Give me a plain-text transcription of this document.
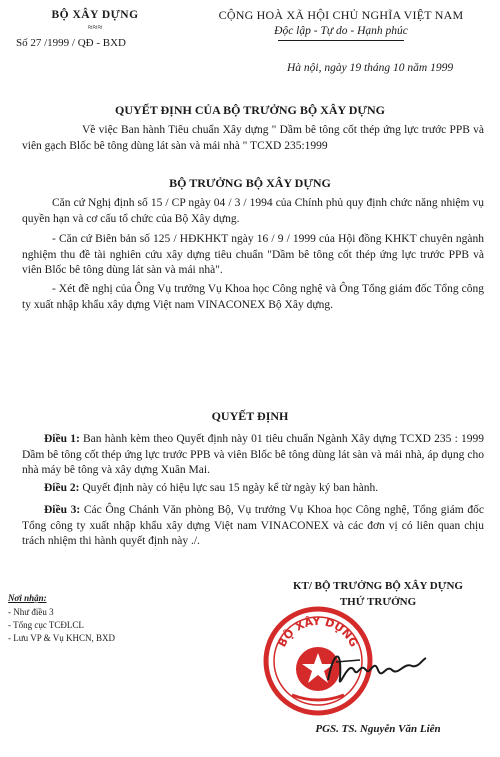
BỘ XÂY DỰNG
≈≈≈
Số 27 /1999 / QĐ - BXD
CỘNG HOÀ XÃ HỘI CHỦ NGHĨA VIỆT NAM
Độc lập - Tự do - Hạnh phúc
Hà nội, ngày 19 tháng 10 năm 1999
QUYẾT ĐỊNH CỦA BỘ TRƯỞNG BỘ XÂY DỰNG
Về việc Ban hành Tiêu chuẩn Xây dựng " Dầm bê tông cốt thép ứng lực trước PPB và viên gạch Blốc bê tông dùng lát sàn và mái nhà " TCXD 235:1999
BỘ TRƯỞNG BỘ XÂY DỰNG
Căn cứ Nghị định số 15 / CP ngày 04 / 3 / 1994 của Chính phủ quy định chức năng nhiệm vụ quyền hạn và cơ cấu tổ chức của Bộ Xây dựng.
- Căn cứ Biên bản số 125 / HĐKHKT ngày 16 / 9 / 1999 của Hội đồng KHKT chuyên ngành nghiệm thu đề tài nghiên cứu xây dựng tiêu chuẩn "Dầm bê tông cốt thép ứng lực trước PPB và viên Blốc bê tông dùng lát sàn và mái nhà".
- Xét đề nghị của Ông Vụ trưởng Vụ Khoa học Công nghệ và Ông Tổng giám đốc Tổng công ty xuất nhập khẩu xây dựng Việt nam VINACONEX Bộ Xây dựng.
QUYẾT ĐỊNH
Điều 1: Ban hành kèm theo Quyết định này 01 tiêu chuẩn Ngành Xây dựng TCXD 235 : 1999 Dầm bê tông cốt thép ứng lực trước PPB và viên Blốc bê tông dùng lát sàn và mái nhà, áp dụng cho nhà máy bê tông và xây dựng Xuân Mai.
Điều 2: Quyết định này có hiệu lực sau 15 ngày kể từ ngày ký ban hành.
Điều 3: Các Ông Chánh Văn phòng Bộ, Vụ trưởng Vụ Khoa học Công nghệ, Tổng giám đốc Tổng công ty xuất nhập khẩu xây dựng Việt nam VINACONEX và các đơn vị có liên quan chịu trách nhiệm thi hành quyết định này ./.
Nơi nhận:
- Như điều 3
- Tổng cục TCĐLCL
- Lưu VP & Vụ KHCN, BXD
KT/ BỘ TRƯỞNG BỘ XÂY DỰNG
THỨ TRƯỞNG
BỘ XÂY DỰNG
PGS. TS. Nguyễn Văn Liên
